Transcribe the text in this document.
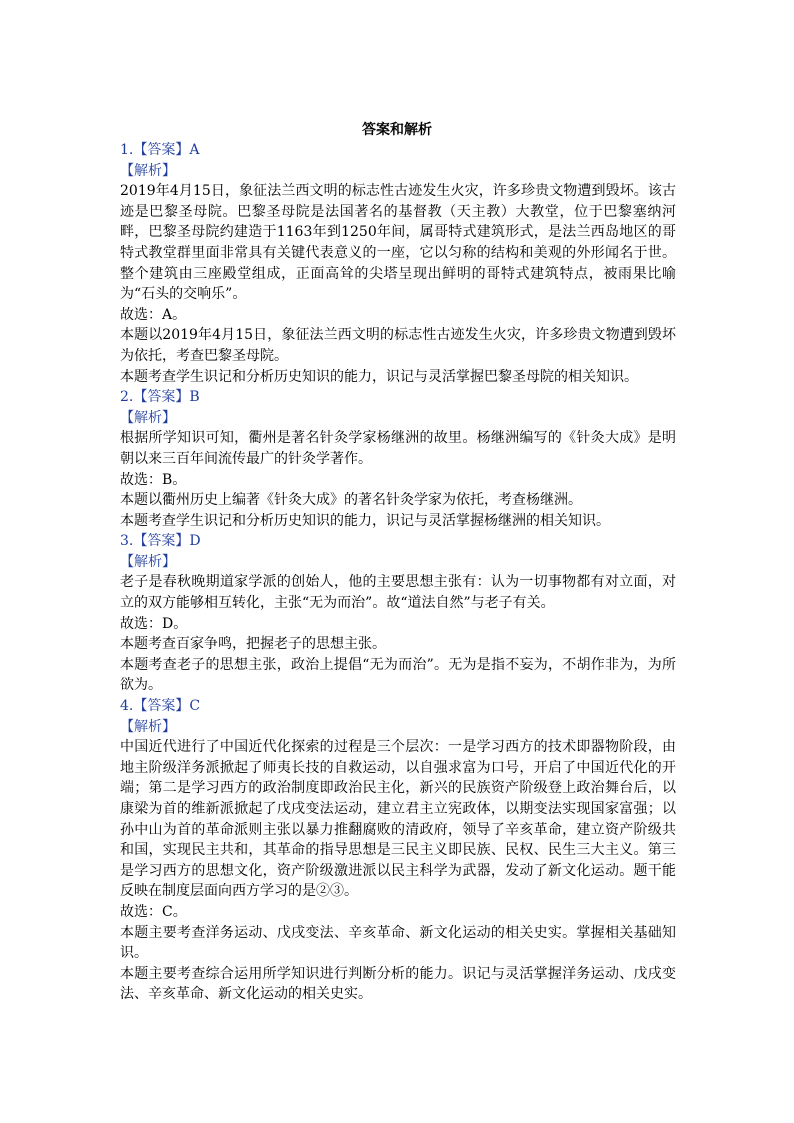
答案和解析

1.【答案】A

【解析】

2019年4月15日，象征法兰西文明的标志性古迹发生火灾，许多珍贵文物遭到毁坏。该古迹是巴黎圣母院。巴黎圣母院是法国著名的基督教（天主教）大教堂，位于巴黎塞纳河畔，巴黎圣母院约建造于1163年到1250年间，属哥特式建筑形式，是法兰西岛地区的哥特式教堂群里面非常具有关键代表意义的一座，它以匀称的结构和美观的外形闻名于世。整个建筑由三座殿堂组成，正面高耸的尖塔呈现出鲜明的哥特式建筑特点，被雨果比喻为“石头的交响乐”。

故选：A。

本题以2019年4月15日，象征法兰西文明的标志性古迹发生火灾，许多珍贵文物遭到毁坏为依托，考查巴黎圣母院。

本题考查学生识记和分析历史知识的能力，识记与灵活掌握巴黎圣母院的相关知识。

2.【答案】B

【解析】

根据所学知识可知，衢州是著名针灸学家杨继洲的故里。杨继洲编写的《针灸大成》是明朝以来三百年间流传最广的针灸学著作。

故选：B。

本题以衢州历史上编著《针灸大成》的著名针灸学家为依托，考查杨继洲。

本题考查学生识记和分析历史知识的能力，识记与灵活掌握杨继洲的相关知识。

3.【答案】D

【解析】

老子是春秋晚期道家学派的创始人，他的主要思想主张有：认为一切事物都有对立面，对立的双方能够相互转化，主张“无为而治”。故“道法自然”与老子有关。

故选：D。

本题考查百家争鸣，把握老子的思想主张。

本题考查老子的思想主张，政治上提倡“无为而治”。无为是指不妄为，不胡作非为，为所欲为。

4.【答案】C

【解析】

中国近代进行了中国近代化探索的过程是三个层次：一是学习西方的技术即器物阶段，由地主阶级洋务派掀起了师夷长技的自救运动，以自强求富为口号，开启了中国近代化的开端；第二是学习西方的政治制度即政治民主化，新兴的民族资产阶级登上政治舞台后，以康梁为首的维新派掀起了戊戌变法运动，建立君主立宪政体，以期变法实现国家富强；以孙中山为首的革命派则主张以暴力推翻腐败的清政府，领导了辛亥革命，建立资产阶级共和国，实现民主共和，其革命的指导思想是三民主义即民族、民权、民生三大主义。第三是学习西方的思想文化，资产阶级激进派以民主科学为武器，发动了新文化运动。题干能反映在制度层面向西方学习的是②③。

故选：C。

本题主要考查洋务运动、戊戌变法、辛亥革命、新文化运动的相关史实。掌握相关基础知识。

本题主要考查综合运用所学知识进行判断分析的能力。识记与灵活掌握洋务运动、戊戌变法、辛亥革命、新文化运动的相关史实。
